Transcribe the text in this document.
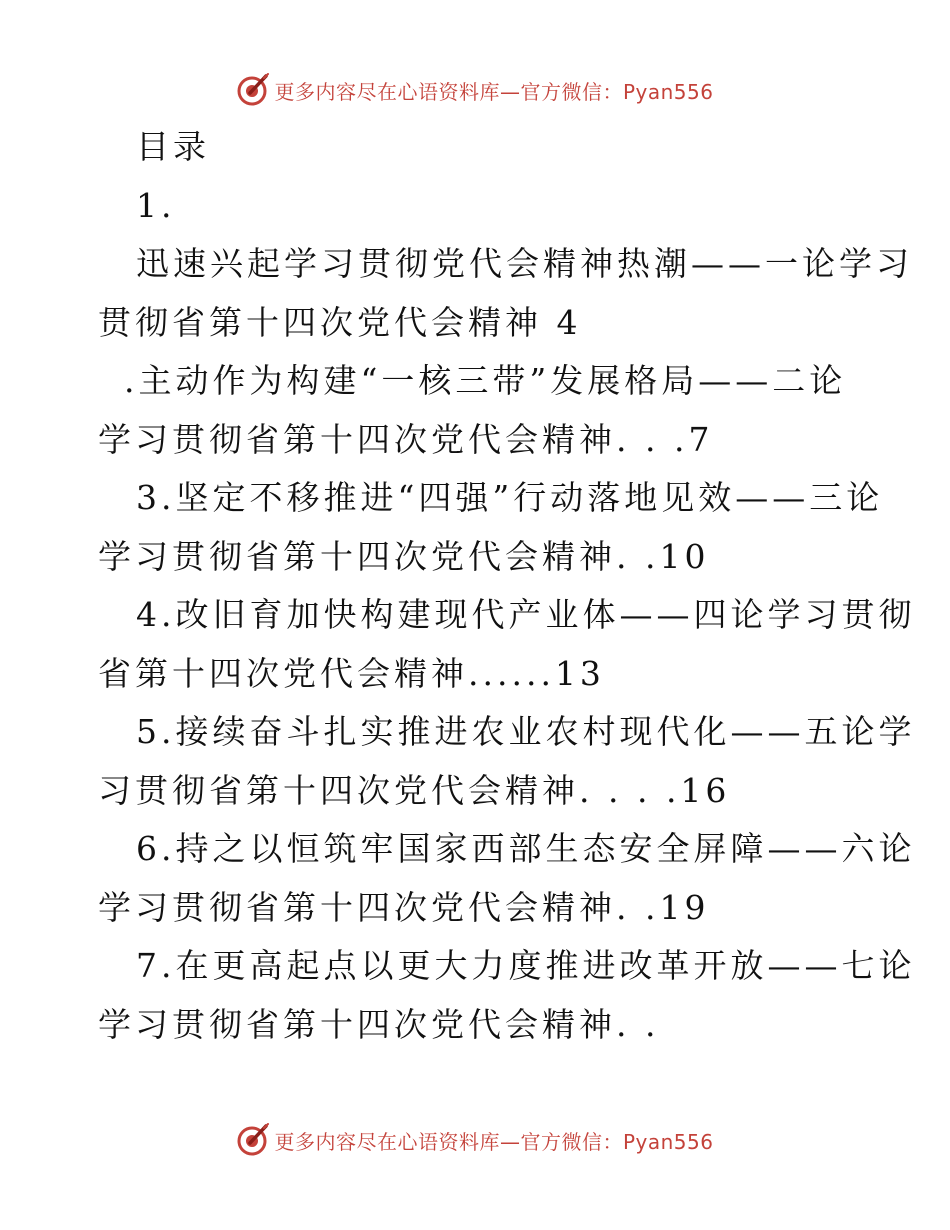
更多内容尽在心语资料库—官方微信：Pyan556
目录
1.
迅速兴起学习贯彻党代会精神热潮——一论学习
贯彻省第十四次党代会精神 4
.主动作为构建“一核三带”发展格局——二论
学习贯彻省第十四次党代会精神. . .7
3.坚定不移推进“四强”行动落地见效——三论
学习贯彻省第十四次党代会精神. .10
4.改旧育加快构建现代产业体——四论学习贯彻
省第十四次党代会精神......13
5.接续奋斗扎实推进农业农村现代化——五论学
习贯彻省第十四次党代会精神. . . .16
6.持之以恒筑牢国家西部生态安全屏障——六论
学习贯彻省第十四次党代会精神. .19
7.在更高起点以更大力度推进改革开放——七论
学习贯彻省第十四次党代会精神. .
更多内容尽在心语资料库—官方微信：Pyan556
